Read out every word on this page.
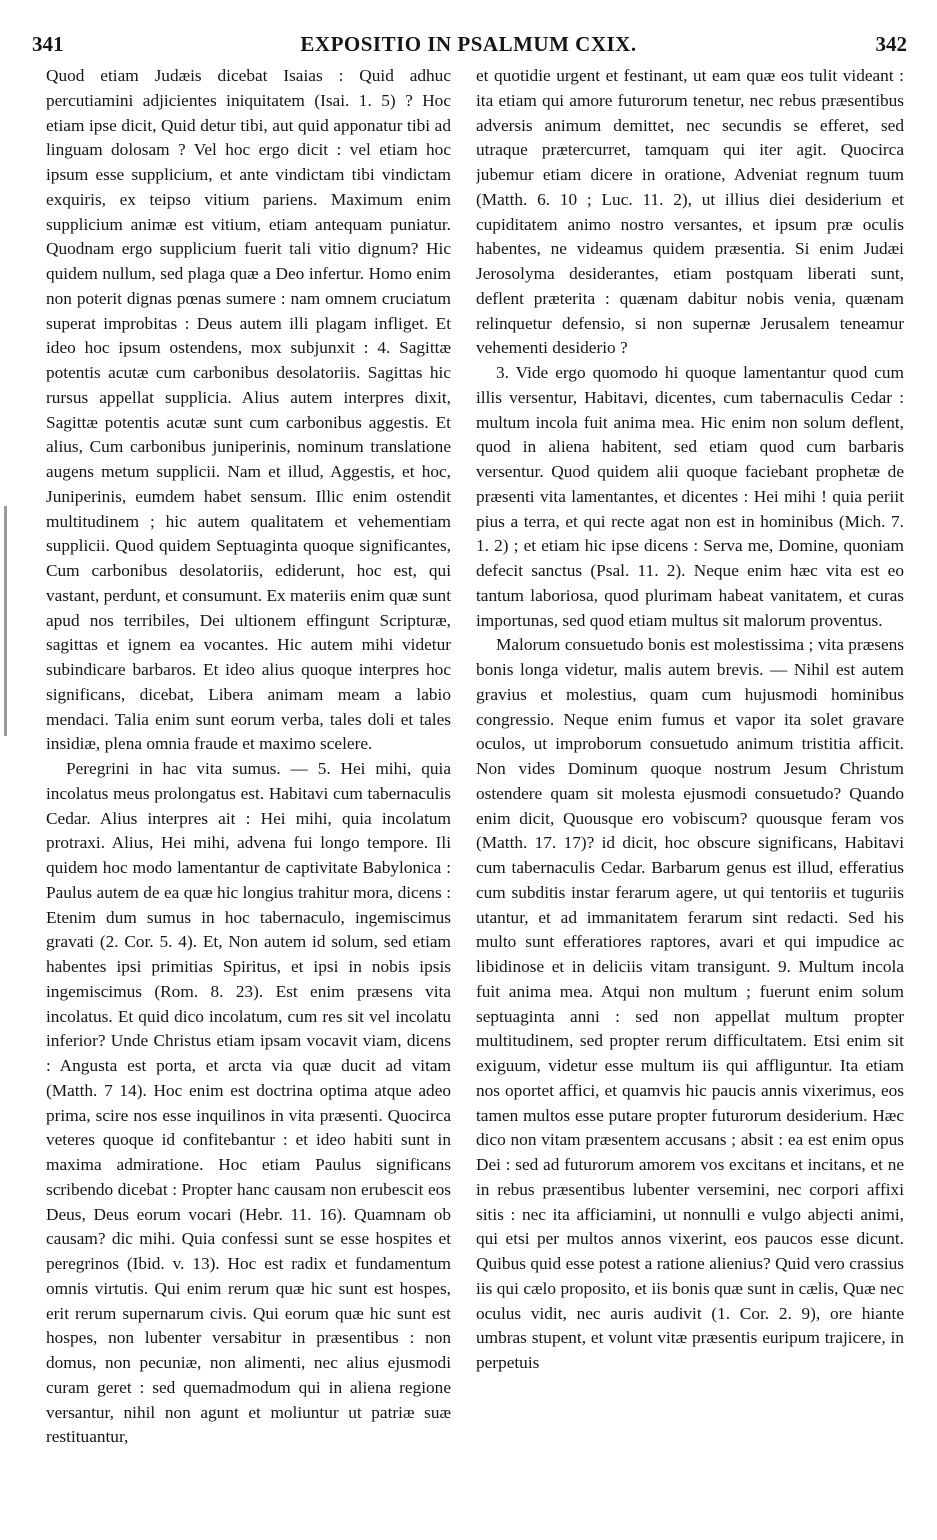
341	EXPOSITIO IN PSALMUM CXIX.	342

Quod etiam Judæis dicebat Isaias : Quid adhuc percutiamini adjicientes iniquitatem (Isai. 1. 5) ? Hoc etiam ipse dicit, Quid detur tibi, aut quid apponatur tibi ad linguam dolosam ? Vel hoc ergo dicit : vel etiam hoc ipsum esse supplicium, et ante vindictam tibi vindictam exquiris, ex teipso vitium pariens. Maximum enim supplicium animæ est vitium, etiam antequam puniatur. Quodnam ergo supplicium fuerit tali vitio dignum? Hic quidem nullum, sed plaga quæ a Deo infertur. Homo enim non poterit dignas pœnas sumere : nam omnem cruciatum superat improbitas : Deus autem illi plagam infliget. Et ideo hoc ipsum ostendens, mox subjunxit : 4. Sagittæ potentis acutæ cum carbonibus desolatoriis. Sagittas hic rursus appellat supplicia. Alius autem interpres dixit, Sagittæ potentis acutæ sunt cum carbonibus aggestis. Et alius, Cum carbonibus juniperinis, nominum translatione augens metum supplicii. Nam et illud, Aggestis, et hoc, Juniperinis, eumdem habet sensum. Illic enim ostendit multitudinem ; hic autem qualitatem et vehementiam supplicii. Quod quidem Septuaginta quoque significantes, Cum carbonibus desolatoriis, ediderunt, hoc est, qui vastant, perdunt, et consumunt. Ex materiis enim quæ sunt apud nos terribiles, Dei ultionem effingunt Scripturæ, sagittas et ignem ea vocantes. Hic autem mihi videtur subindicare barbaros. Et ideo alius quoque interpres hoc significans, dicebat, Libera animam meam a labio mendaci. Talia enim sunt eorum verba, tales doli et tales insidiæ, plena omnia fraude et maximo scelere.

Peregrini in hac vita sumus. — 5. Hei mihi, quia incolatus meus prolongatus est. Habitavi cum tabernaculis Cedar. Alius interpres ait : Hei mihi, quia incolatum protraxi. Alius, Hei mihi, advena fui longo tempore. Ili quidem hoc modo lamentantur de captivitate Babylonica : Paulus autem de ea quæ hic longius trahitur mora, dicens : Etenim dum sumus in hoc tabernaculo, ingemiscimus gravati (2. Cor. 5. 4). Et, Non autem id solum, sed etiam habentes ipsi primitias Spiritus, et ipsi in nobis ipsis ingemiscimus (Rom. 8. 23). Est enim præsens vita incolatus. Et quid dico incolatum, cum res sit vel incolatu inferior? Unde Christus etiam ipsam vocavit viam, dicens : Angusta est porta, et arcta via quæ ducit ad vitam (Matth. 7 14). Hoc enim est doctrina optima atque adeo prima, scire nos esse inquilinos in vita præsenti. Quocirca veteres quoque id confitebantur : et ideo habiti sunt in maxima admiratione. Hoc etiam Paulus significans scribendo dicebat : Propter hanc causam non erubescit eos Deus, Deus eorum vocari (Hebr. 11. 16). Quamnam ob causam? dic mihi. Quia confessi sunt se esse hospites et peregrinos (Ibid. v. 13). Hoc est radix et fundamentum omnis virtutis. Qui enim rerum quæ hic sunt est hospes, erit rerum supernarum civis. Qui eorum quæ hic sunt est hospes, non lubenter versabitur in præsentibus : non domus, non pecuniæ, non alimenti, nec alius ejusmodi curam geret : sed quemadmodum qui in aliena regione versantur, nihil non agunt et moliuntur ut patriæ suæ restituantur,

et quotidie urgent et festinant, ut eam quæ eos tulit videant : ita etiam qui amore futurorum tenetur, nec rebus præsentibus adversis animum demittet, nec secundis se efferet, sed utraque prætercurret, tamquam qui iter agit. Quocirca jubemur etiam dicere in oratione, Adveniat regnum tuum (Matth. 6. 10 ; Luc. 11. 2), ut illius diei desiderium et cupiditatem animo nostro versantes, et ipsum præ oculis habentes, ne videamus quidem præsentia. Si enim Judæi Jerosolyma desiderantes, etiam postquam liberati sunt, deflent præterita : quænam dabitur nobis venia, quænam relinquetur defensio, si non supernæ Jerusalem teneamur vehementi desiderio ?

3. Vide ergo quomodo hi quoque lamentantur quod cum illis versentur, Habitavi, dicentes, cum tabernaculis Cedar : multum incola fuit anima mea. Hic enim non solum deflent, quod in aliena habitent, sed etiam quod cum barbaris versentur. Quod quidem alii quoque faciebant prophetæ de præsenti vita lamentantes, et dicentes : Hei mihi ! quia periit pius a terra, et qui recte agat non est in hominibus (Mich. 7. 1. 2) ; et etiam hic ipse dicens : Serva me, Domine, quoniam defecit sanctus (Psal. 11. 2). Neque enim hæc vita est eo tantum laboriosa, quod plurimam habeat vanitatem, et curas importunas, sed quod etiam multus sit malorum proventus.

Malorum consuetudo bonis est molestissima ; vita præsens bonis longa videtur, malis autem brevis. — Nihil est autem gravius et molestius, quam cum hujusmodi hominibus congressio. Neque enim fumus et vapor ita solet gravare oculos, ut improborum consuetudo animum tristitia afficit. Non vides Dominum quoque nostrum Jesum Christum ostendere quam sit molesta ejusmodi consuetudo? Quando enim dicit, Quousque ero vobiscum? quousque feram vos (Matth. 17. 17)? id dicit, hoc obscure significans, Habitavi cum tabernaculis Cedar. Barbarum genus est illud, efferatius cum subditis instar ferarum agere, ut qui tentoriis et tuguriis utantur, et ad immanitatem ferarum sint redacti. Sed his multo sunt efferatiores raptores, avari et qui impudice ac libidinose et in deliciis vitam transigunt. 9. Multum incola fuit anima mea. Atqui non multum ; fuerunt enim solum septuaginta anni : sed non appellat multum propter multitudinem, sed propter rerum difficultatem. Etsi enim sit exiguum, videtur esse multum iis qui affliguntur. Ita etiam nos oportet affici, et quamvis hic paucis annis vixerimus, eos tamen multos esse putare propter futurorum desiderium. Hæc dico non vitam præsentem accusans ; absit : ea est enim opus Dei : sed ad futurorum amorem vos excitans et incitans, et ne in rebus præsentibus lubenter versemini, nec corpori affixi sitis : nec ita afficiamini, ut nonnulli e vulgo abjecti animi, qui etsi per multos annos vixerint, eos paucos esse dicunt. Quibus quid esse potest a ratione alienius? Quid vero crassius iis qui cælo proposito, et iis bonis quæ sunt in cælis, Quæ nec oculus vidit, nec auris audivit (1. Cor. 2. 9), ore hiante umbras stupent, et volunt vitæ præsentis euripum trajicere, in perpetuis
